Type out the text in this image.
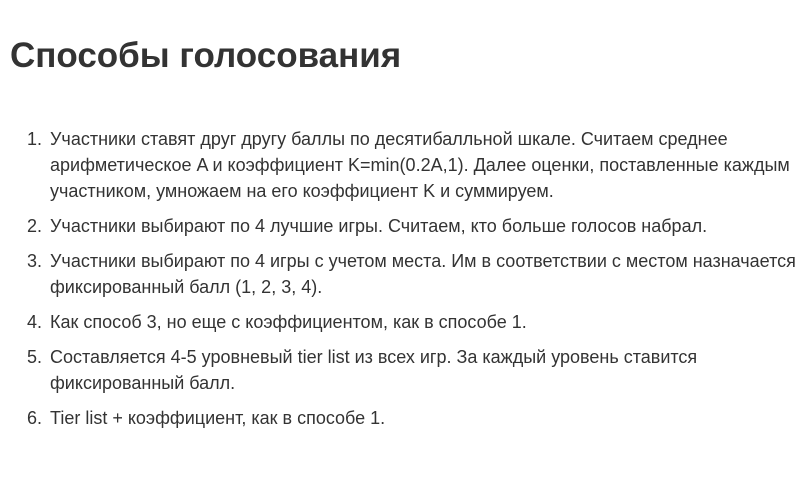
Способы голосования
Участники ставят друг другу баллы по десятибалльной шкале. Считаем среднее арифметическое A и коэффициент K=min(0.2A,1). Далее оценки, поставленные каждым участником, умножаем на его коэффициент K и суммируем.
Участники выбирают по 4 лучшие игры. Считаем, кто больше голосов набрал.
Участники выбирают по 4 игры с учетом места. Им в соответствии с местом назначается фиксированный балл (1, 2, 3, 4).
Как способ 3, но еще с коэффициентом, как в способе 1.
Составляется 4-5 уровневый tier list из всех игр. За каждый уровень ставится фиксированный балл.
Tier list + коэффициент, как в способе 1.
